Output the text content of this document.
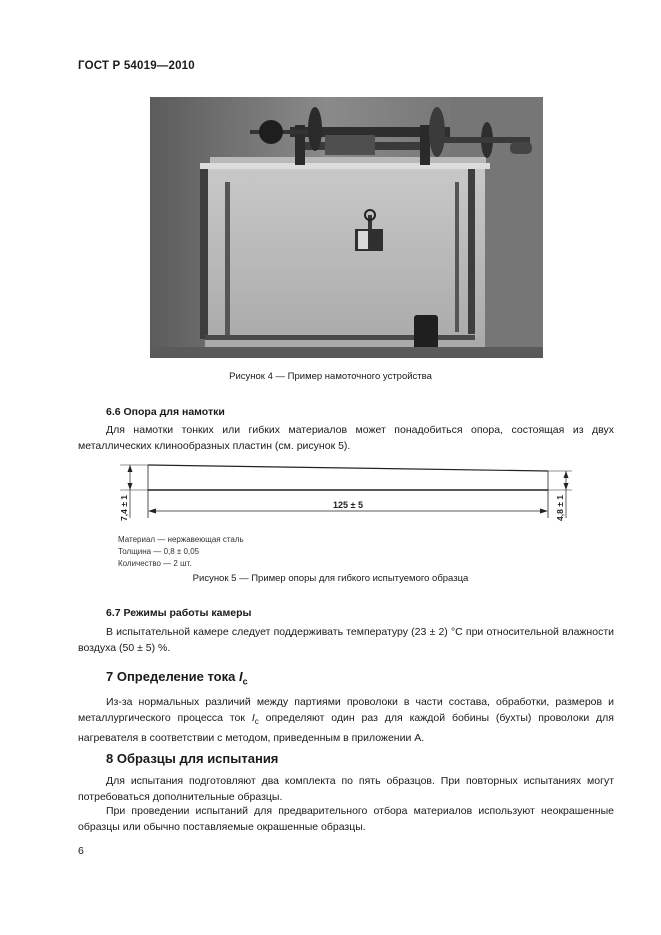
ГОСТ Р 54019—2010
Рисунок 4 — Пример намоточного устройства
6.6 Опора для намотки
Для намотки тонких или гибких материалов может понадобиться опора, состоящая из двух металлических клинообразных пластин (см. рисунок 5).
125 ± 5
7,4 ± 1	4,8 ± 1
Материал — нержавеющая сталь
Толщина — 0,8 ± 0,05
Количество — 2 шт.
Рисунок 5 — Пример опоры для гибкого испытуемого образца
6.7 Режимы работы камеры
В испытательной камере следует поддерживать температуру (23 ± 2) °С при относительной влажности воздуха (50 ± 5) %.
7 Определение тока $I_c$
Из-за нормальных различий между партиями проволоки в части состава, обработки, размеров и металлургического процесса ток $I_c$ определяют один раз для каждой бобины (бухты) проволоки для нагревателя в соответствии с методом, приведенным в приложении А.
8 Образцы для испытания
Для испытания подготовляют два комплекта по пять образцов. При повторных испытаниях могут потребоваться дополнительные образцы.
При проведении испытаний для предварительного отбора материалов используют неокрашенные образцы или обычно поставляемые окрашенные образцы.
6
